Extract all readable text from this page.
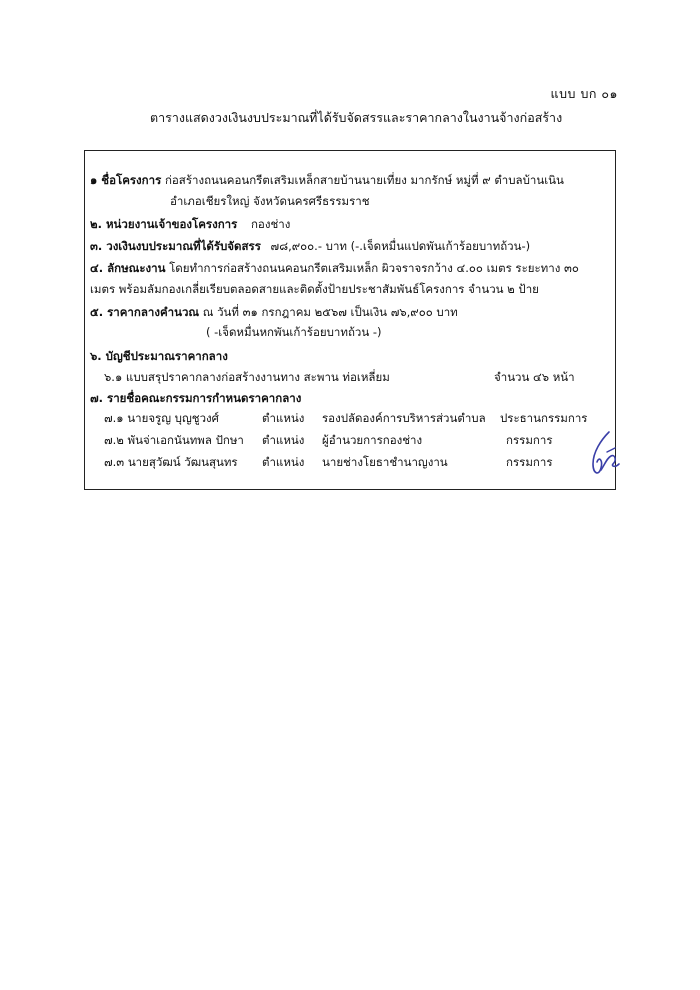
แบบ บก ๐๑
ตารางแสดงวงเงินงบประมาณที่ได้รับจัดสรรและราคากลางในงานจ้างก่อสร้าง
๑ ชื่อโครงการ ก่อสร้างถนนคอนกรีตเสริมเหล็กสายบ้านนายเที่ยง มากรักษ์ หมู่ที่ ๙ ตำบลบ้านเนิน
อำเภอเชียรใหญ่ จังหวัดนครศรีธรรมราช
๒. หน่วยงานเจ้าของโครงการ กองช่าง
๓. วงเงินงบประมาณที่ได้รับจัดสรร ๗๘,๙๐๐.- บาท (-.เจ็ดหมื่นแปดพันเก้าร้อยบาทถ้วน-)
๔. ลักษณะงาน โดยทำการก่อสร้างถนนคอนกรีตเสริมเหล็ก ผิวจราจรกว้าง ๔.๐๐ เมตร ระยะทาง ๓๐
เมตร พร้อมลัมกองเกลี่ยเรียบตลอดสายและติดตั้งป้ายประชาสัมพันธ์โครงการ จำนวน ๒ ป้าย
๕. ราคากลางคำนวณ ณ วันที่ ๓๑ กรกฎาคม ๒๕๖๗ เป็นเงิน ๗๖,๙๐๐ บาท
( -เจ็ดหมื่นหกพันเก้าร้อยบาทถ้วน -)
๖. บัญชีประมาณราคากลาง
๖.๑ แบบสรุปราคากลางก่อสร้างงานทาง สะพาน ท่อเหลี่ยม	จำนวน ๔๖ หน้า
๗. รายชื่อคณะกรรมการกำหนดราคากลาง
๗.๑ นายจรูญ บุญชูวงศ์	ตำแหน่ง รองปลัดองค์การบริหารส่วนตำบล ประธานกรรมการ
๗.๒ พันจ่าเอกนันทพล ปักษา ตำแหน่ง ผู้อำนวยการกองช่าง	กรรมการ
๗.๓ นายสุวัฒน์ วัฒนสุนทร ตำแหน่ง นายช่างโยธาชำนาญงาน	กรรมการ
